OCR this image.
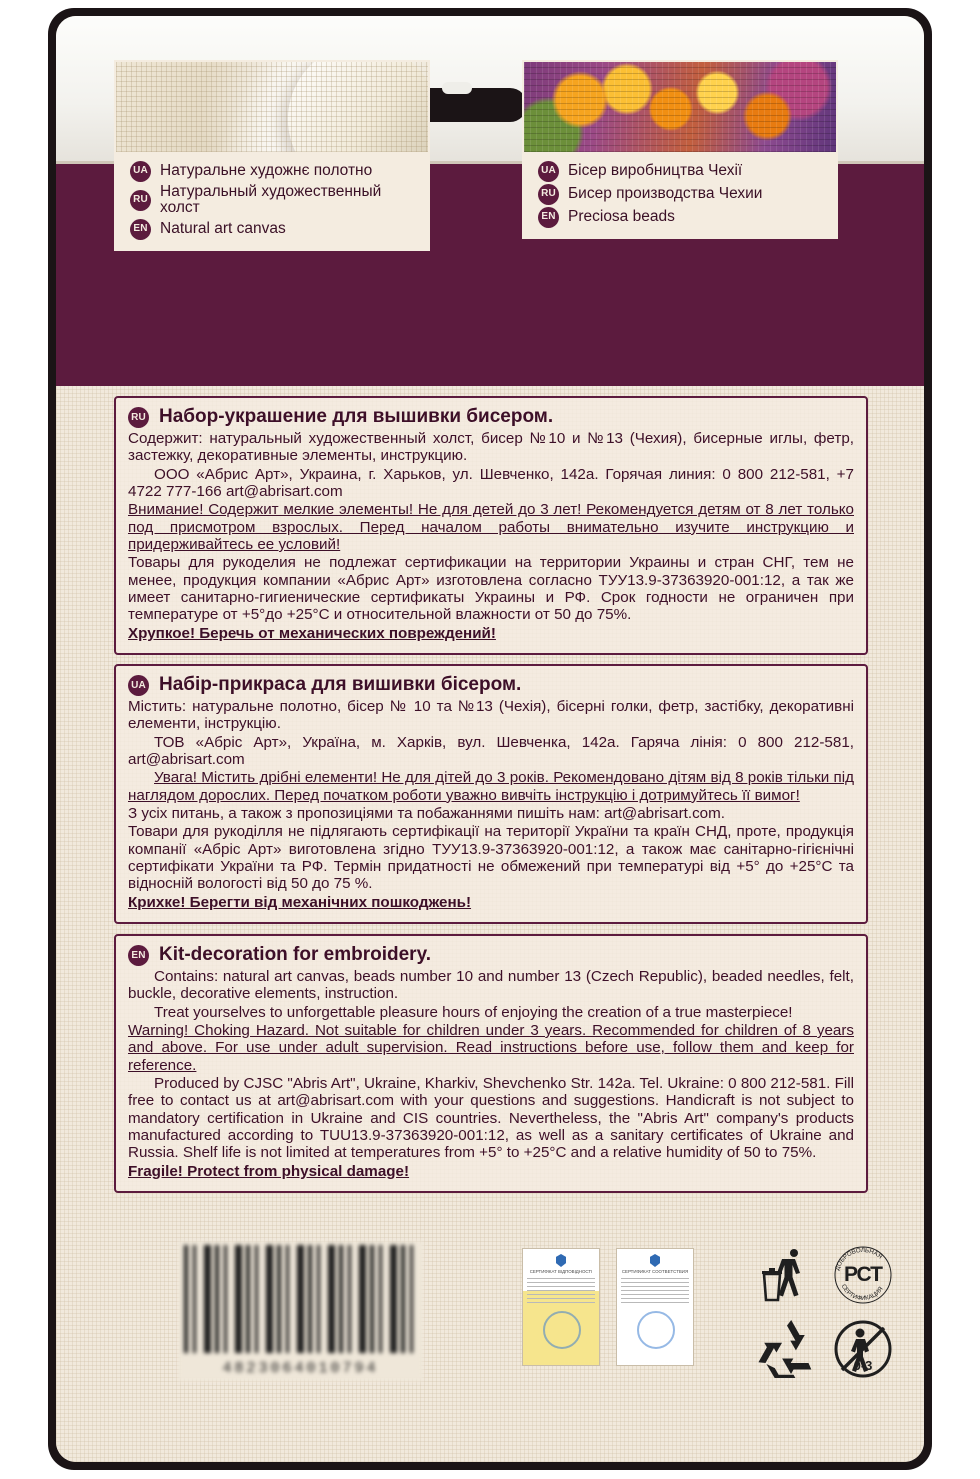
UA Натуральне художнє полотно
RU Натуральный художественный холст
EN Natural art canvas
UA Бісер виробництва Чехії
RU Бисер производства Чехии
EN Preciosa beads
RU Набор-украшение для вышивки бисером.

Содержит: натуральный художественный холст, бисер №10 и №13 (Чехия), бисерные иглы, фетр, застежку, декоративные элементы, инструкцию.

ООО «Абрис Арт», Украина, г. Харьков, ул. Шевченко, 142а. Горячая линия: 0 800 212-581, +7 4722 777-166 art@abrisart.com

Внимание! Содержит мелкие элементы! Не для детей до 3 лет! Рекомендуется детям от 8 лет только под присмотром взрослых. Перед началом работы внимательно изучите инструкцию и придерживайтесь ее условий!

Товары для рукоделия не подлежат сертификации на территории Украины и стран СНГ, тем не менее, продукция компании «Абрис Арт» изготовлена согласно ТУУ13.9-37363920-001:12, а так же имеет санитарно-гигиенические сертификаты Украины и РФ. Срок годности не ограничен при температуре от +5°до +25°С и относительной влажности от 50 до 75%.

Хрупкое! Беречь от механических повреждений!

UA Набір-прикраса для вишивки бісером.

Містить: натуральне полотно, бісер № 10 та №13 (Чехія), бісерні голки, фетр, застібку, декоративні елементи, інструкцію.

ТОВ «Абріс Арт», Україна, м. Харків, вул. Шевченка, 142а. Гаряча лінія: 0 800 212-581, art@abrisart.com

Увага! Містить дрібні елементи! Не для дітей до 3 років. Рекомендовано дітям від 8 років тільки під наглядом дорослих. Перед початком роботи уважно вивчіть інструкцію і дотримуйтесь її вимог!

З усіх питань, а також з пропозиціями та побажаннями пишіть нам: art@abrisart.com.

Товари для рукоділля не підлягають сертифікації на території України та країн СНД, проте, продукція компанії «Абріс Арт» виготовлена згідно ТУУ13.9-37363920-001:12, а також має санітарно-гігієнічні сертифікати України та РФ. Термін придатності не обмежений при температурі від +5° до +25°С та відносній вологості від 50 до 75 %.

Крихке! Берегти від механічних пошкоджень!

EN Kit-decoration for embroidery.

Contains: natural art canvas, beads number 10 and number 13 (Czech Republic), beaded needles, felt, buckle, decorative elements, instruction.

Treat yourselves to unforgettable pleasure hours of enjoying the creation of a true masterpiece!

Warning! Choking Hazard. Not suitable for children under 3 years. Recommended for children of 8 years and above. For use under adult supervision. Read instructions before use, follow them and keep for reference.

Produced by CJSC "Abris Art", Ukraine, Kharkiv, Shevchenko Str. 142a. Tel. Ukraine: 0 800 212-581. Fill free to contact us at art@abrisart.com with your questions and suggestions. Handicraft is not subject to mandatory certification in Ukraine and CIS countries. Nevertheless, the "Abris Art" company's products manufactured according to TUU13.9-37363920-001:12, as well as a sanitary certificates of Ukraine and Russia. Shelf life is not limited at temperatures from +5° to +25°C and a relative humidity of 50 to 75%.

Fragile! Protect from physical damage!

4823064010794
СЕРТИФІКАТ ВІДПОВІДНОСТІ	СЕРТИФИКАТ СООТВЕТСТВИЯ
ДОБРОВОЛЬНАЯ
СЕРТИФИКАЦИЯ
РСТ
0-3
